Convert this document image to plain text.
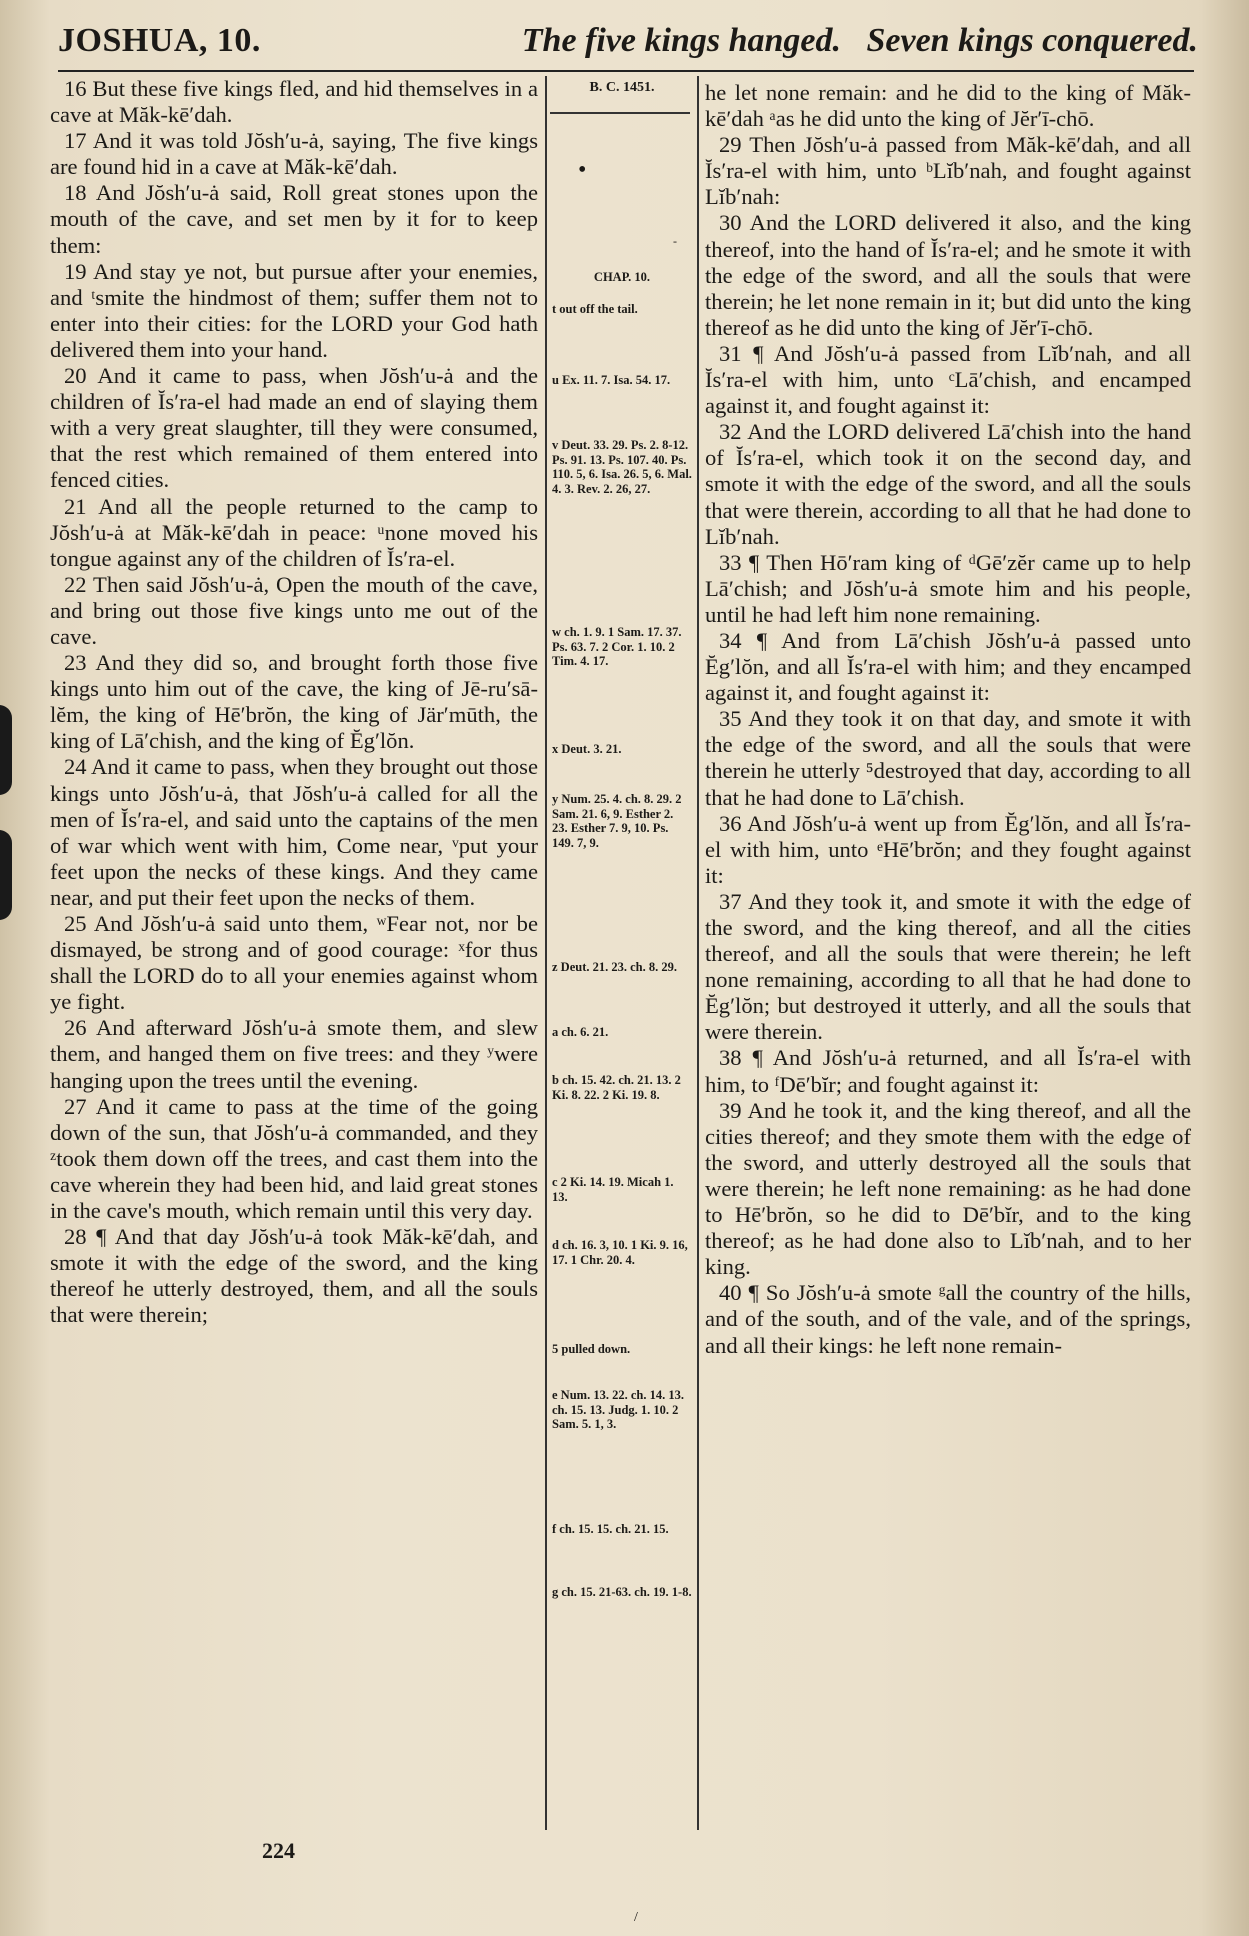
JOSHUA, 10.	The five kings hanged.   Seven kings conquered.

16 But these five kings fled, and hid themselves in a cave at Măk-kē′dah.

17 And it was told Jŏsh′u-ȧ, saying, The five kings are found hid in a cave at Măk-kē′dah.

18 And Jŏsh′u-ȧ said, Roll great stones upon the mouth of the cave, and set men by it for to keep them:

19 And stay ye not, but pursue after your enemies, and ᵗsmite the hindmost of them; suffer them not to enter into their cities: for the LORD your God hath delivered them into your hand.

20 And it came to pass, when Jŏsh′u-ȧ and the children of Ĭs′ra-el had made an end of slaying them with a very great slaughter, till they were consumed, that the rest which remained of them entered into fenced cities.

21 And all the people returned to the camp to Jŏsh′u-ȧ at Măk-kē′dah in peace: ᵘnone moved his tongue against any of the children of Ĭs′ra-el.

22 Then said Jŏsh′u-ȧ, Open the mouth of the cave, and bring out those five kings unto me out of the cave.

23 And they did so, and brought forth those five kings unto him out of the cave, the king of Jē-ru′sā-lĕm, the king of Hē′brŏn, the king of Jär′mūth, the king of Lā′chish, and the king of Ĕg′lŏn.

24 And it came to pass, when they brought out those kings unto Jŏsh′u-ȧ, that Jŏsh′u-ȧ called for all the men of Ĭs′ra-el, and said unto the captains of the men of war which went with him, Come near, ᵛput your feet upon the necks of these kings. And they came near, and put their feet upon the necks of them.

25 And Jŏsh′u-ȧ said unto them, ʷFear not, nor be dismayed, be strong and of good courage: ˣfor thus shall the LORD do to all your enemies against whom ye fight.

26 And afterward Jŏsh′u-ȧ smote them, and slew them, and hanged them on five trees: and they ʸwere hanging upon the trees until the evening.

27 And it came to pass at the time of the going down of the sun, that Jŏsh′u-ȧ commanded, and they ᶻtook them down off the trees, and cast them into the cave wherein they had been hid, and laid great stones in the cave's mouth, which remain until this very day.

28 ¶ And that day Jŏsh′u-ȧ took Măk-kē′dah, and smote it with the edge of the sword, and the king thereof he utterly destroyed, them, and all the souls that were therein;

B. C. 1451.
•
‑
CHAP. 10.
t out off the tail.
u Ex. 11. 7. Isa. 54. 17.
v Deut. 33. 29. Ps. 2. 8-12. Ps. 91. 13. Ps. 107. 40. Ps. 110. 5, 6. Isa. 26. 5, 6. Mal. 4. 3. Rev. 2. 26, 27.
w ch. 1. 9. 1 Sam. 17. 37. Ps. 63. 7. 2 Cor. 1. 10. 2 Tim. 4. 17.
x Deut. 3. 21.
y Num. 25. 4. ch. 8. 29. 2 Sam. 21. 6, 9. Esther 2. 23. Esther 7. 9, 10. Ps. 149. 7, 9.
z Deut. 21. 23. ch. 8. 29.
a ch. 6. 21.
b ch. 15. 42. ch. 21. 13. 2 Ki. 8. 22. 2 Ki. 19. 8.
c 2 Ki. 14. 19. Micah 1. 13.
d ch. 16. 3, 10. 1 Ki. 9. 16, 17. 1 Chr. 20. 4.
5 pulled down.
e Num. 13. 22. ch. 14. 13. ch. 15. 13. Judg. 1. 10. 2 Sam. 5. 1, 3.
f ch. 15. 15. ch. 21. 15.
g ch. 15. 21-63. ch. 19. 1-8.

he let none remain: and he did to the king of Măk-kē′dah ᵃas he did unto the king of Jĕr′ī-chō.

29 Then Jŏsh′u-ȧ passed from Măk-kē′dah, and all Ĭs′ra-el with him, unto ᵇLĭb′nah, and fought against Lĭb′nah:

30 And the LORD delivered it also, and the king thereof, into the hand of Ĭs′ra-el; and he smote it with the edge of the sword, and all the souls that were therein; he let none remain in it; but did unto the king thereof as he did unto the king of Jĕr′ī-chō.

31 ¶ And Jŏsh′u-ȧ passed from Lĭb′nah, and all Ĭs′ra-el with him, unto ᶜLā′chish, and encamped against it, and fought against it:

32 And the LORD delivered Lā′chish into the hand of Ĭs′ra-el, which took it on the second day, and smote it with the edge of the sword, and all the souls that were therein, according to all that he had done to Lĭb′nah.

33 ¶ Then Hō′ram king of ᵈGē′zĕr came up to help Lā′chish; and Jŏsh′u-ȧ smote him and his people, until he had left him none remaining.

34 ¶ And from Lā′chish Jŏsh′u-ȧ passed unto Ĕg′lŏn, and all Ĭs′ra-el with him; and they encamped against it, and fought against it:

35 And they took it on that day, and smote it with the edge of the sword, and all the souls that were therein he utterly ⁵destroyed that day, according to all that he had done to Lā′chish.

36 And Jŏsh′u-ȧ went up from Ĕg′lŏn, and all Ĭs′ra-el with him, unto ᵉHē′brŏn; and they fought against it:

37 And they took it, and smote it with the edge of the sword, and the king thereof, and all the cities thereof, and all the souls that were therein; he left none remaining, according to all that he had done to Ĕg′lŏn; but destroyed it utterly, and all the souls that were therein.

38 ¶ And Jŏsh′u-ȧ returned, and all Ĭs′ra-el with him, to ᶠDē′bĭr; and fought against it:

39 And he took it, and the king thereof, and all the cities thereof; and they smote them with the edge of the sword, and utterly destroyed all the souls that were therein; he left none remaining: as he had done to Hē′brŏn, so he did to Dē′bĭr, and to the king thereof; as he had done also to Lĭb′nah, and to her king.

40 ¶ So Jŏsh′u-ȧ smote ᵍall the country of the hills, and of the south, and of the vale, and of the springs, and all their kings: he left none remain-

224
/
